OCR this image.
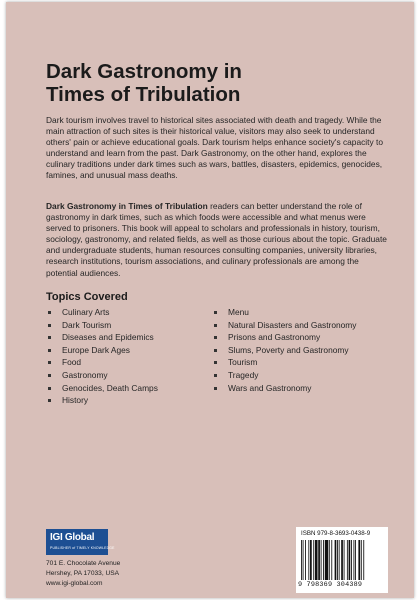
Dark Gastronomy in
Times of Tribulation

Dark tourism involves travel to historical sites associated with death and tragedy. While the main attraction of such sites is their historical value, visitors may also seek to understand others' pain or achieve educational goals. Dark tourism helps enhance society's capacity to understand and learn from the past. Dark Gastronomy, on the other hand, explores the culinary traditions under dark times such as wars, battles, disasters, epidemics, genocides, famines, and unusual mass deaths.

Dark Gastronomy in Times of Tribulation readers can better understand the role of gastronomy in dark times, such as which foods were accessible and what menus were served to prisoners. This book will appeal to scholars and professionals in history, tourism, sociology, gastronomy, and related fields, as well as those curious about the topic. Graduate and undergraduate students, human resources consulting companies, university libraries, research institutions, tourism associations, and culinary professionals are among the potential audiences.

Topics Covered
Culinary Arts
Dark Tourism
Diseases and Epidemics
Europe Dark Ages
Food
Gastronomy
Genocides, Death Camps
History
Menu
Natural Disasters and Gastronomy
Prisons and Gastronomy
Slums, Poverty and Gastronomy
Tourism
Tragedy
Wars and Gastronomy
IGI Global
PUBLISHER of TIMELY KNOWLEDGE
701 E. Chocolate Avenue
Hershey, PA 17033, USA
www.igi-global.com
ISBN 979-8-3693-0438-9
9 798369 304389
